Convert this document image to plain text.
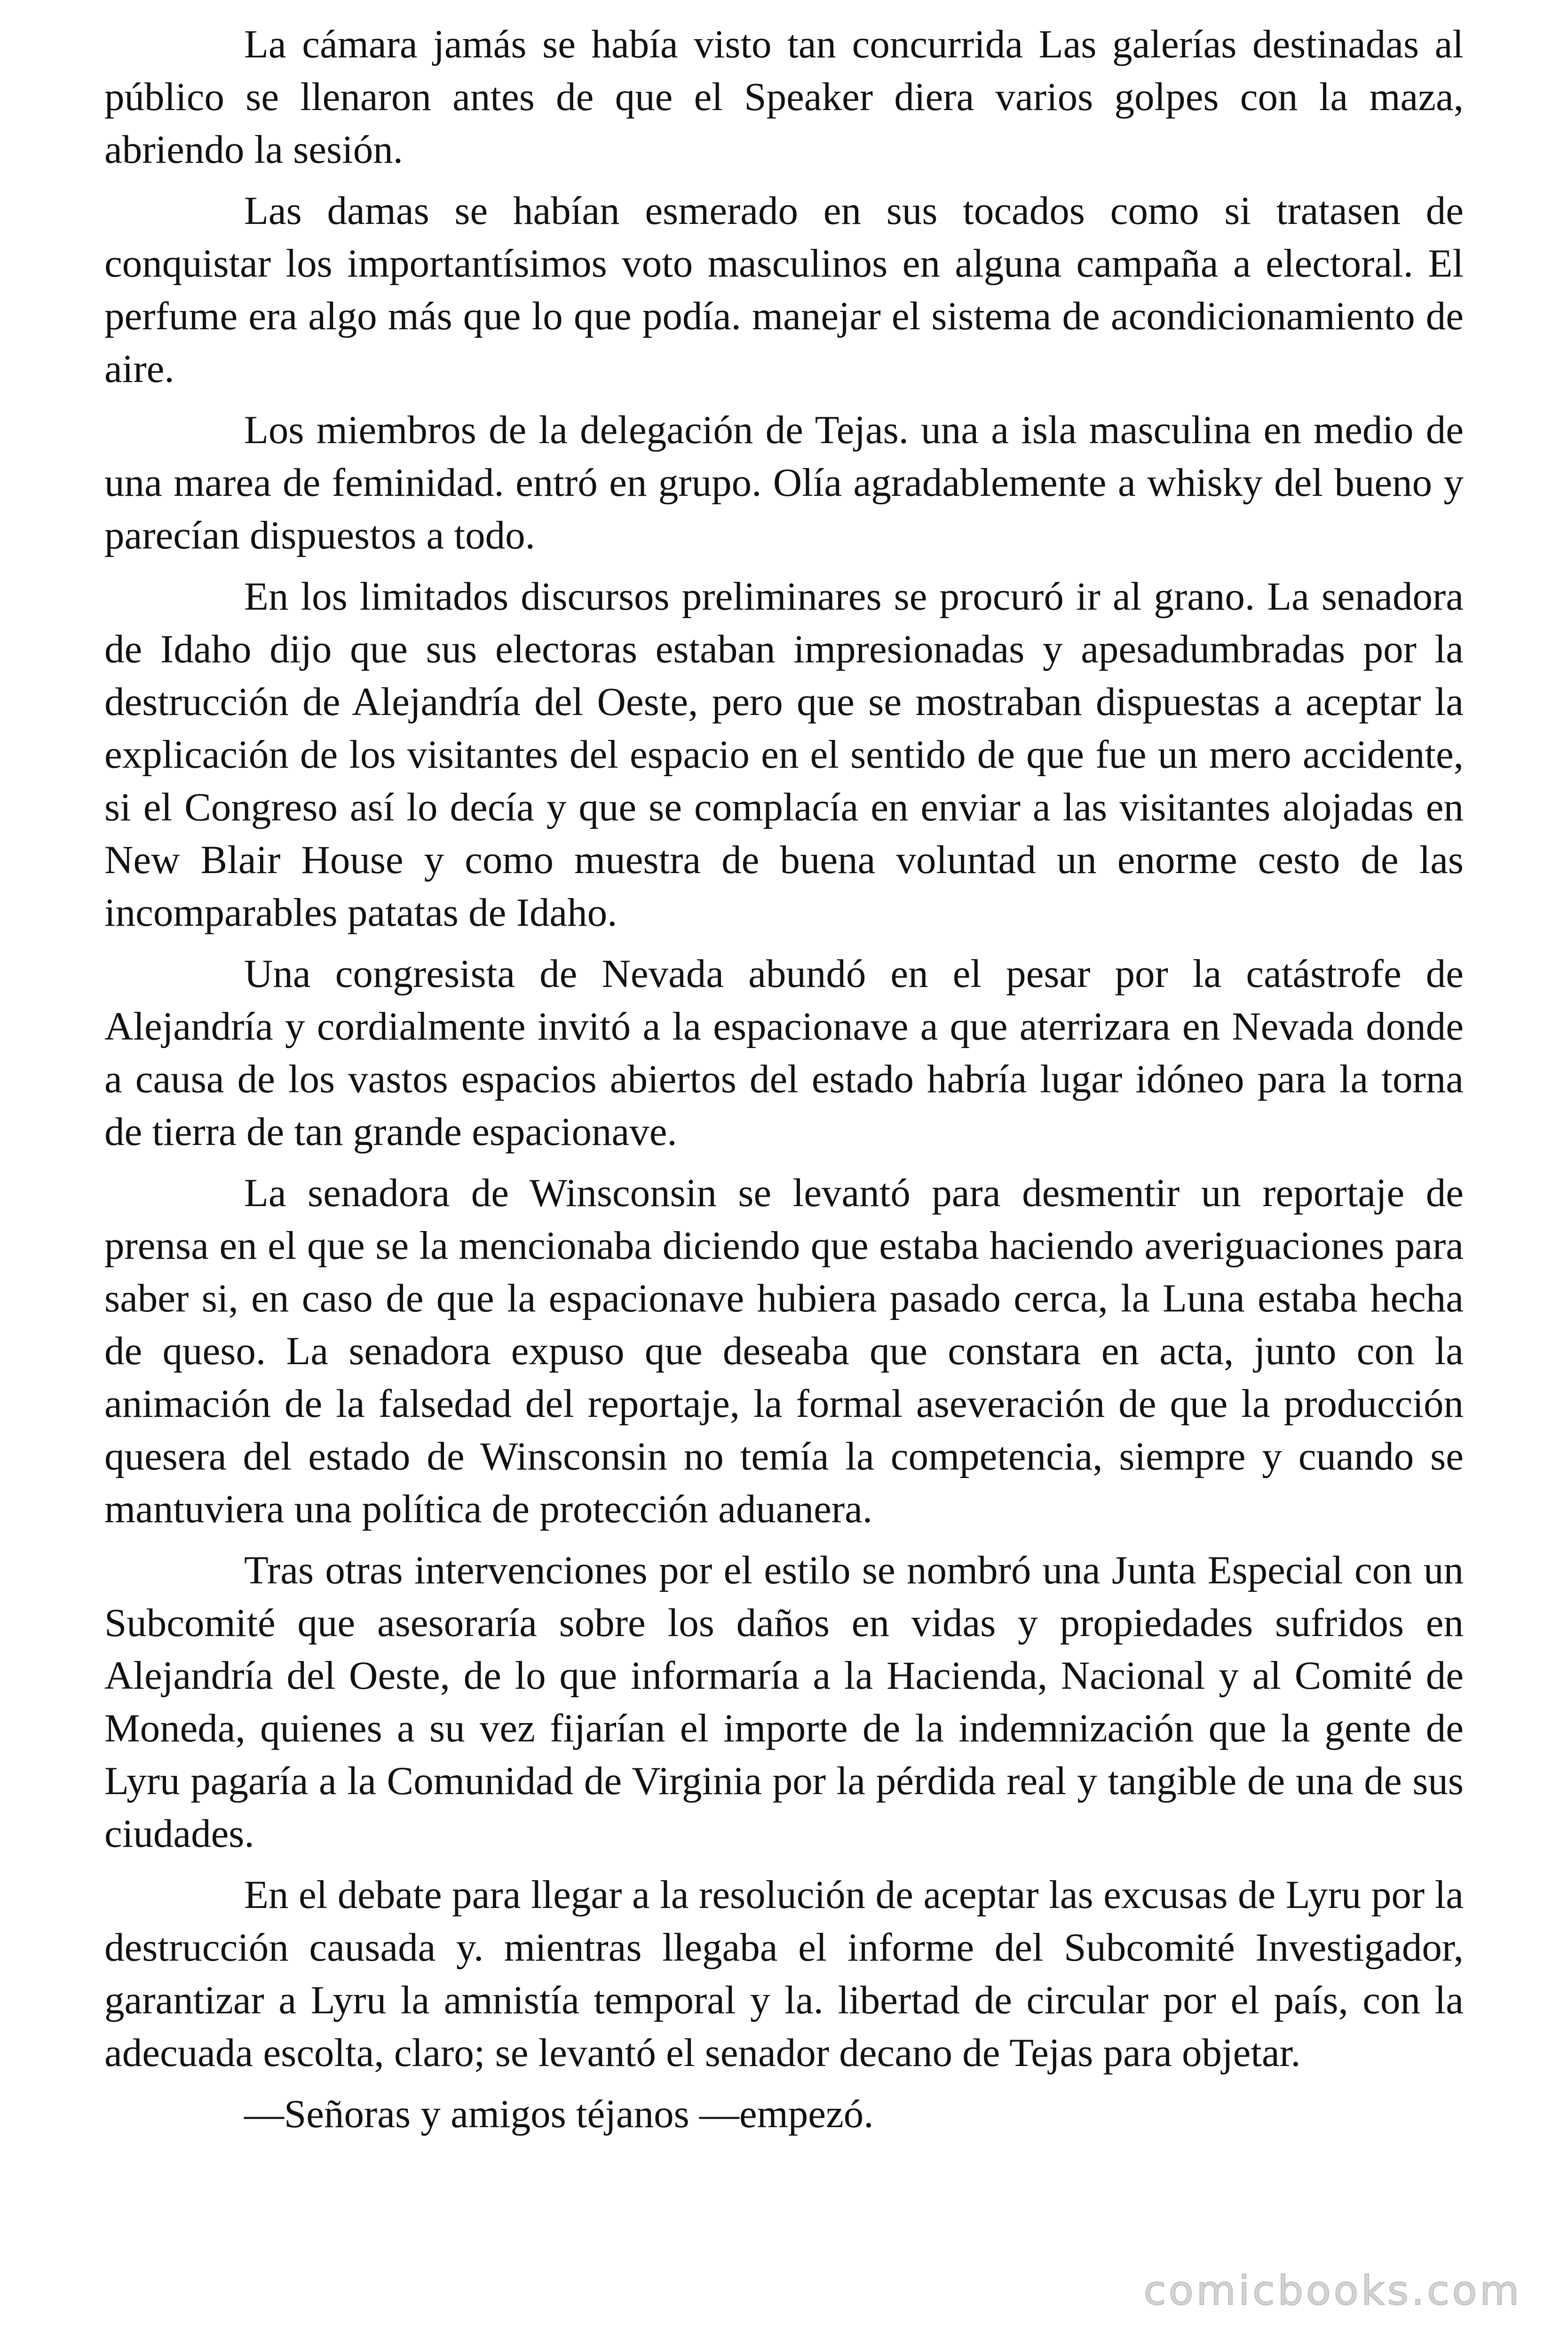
La cámara jamás se había visto tan concurrida Las galerías destinadas al público se llenaron antes de que el Speaker diera varios golpes con la maza, abriendo la sesión.

Las damas se habían esmerado en sus tocados como si tratasen de conquistar los importantísimos voto masculinos en alguna campaña a electoral. El perfume era algo más que lo que podía. manejar el sistema de acondicionamiento de aire.

Los miembros de la delegación de Tejas. una a isla masculina en medio de una marea de feminidad. entró en grupo. Olía agradablemente a whisky del bueno y parecían dispuestos a todo.

En los limitados discursos preliminares se procuró ir al grano. La senadora de Idaho dijo que sus electoras estaban impresionadas y apesadumbradas por la destrucción de Alejandría del Oeste, pero que se mostraban dispuestas a aceptar la explicación de los visitantes del espacio en el sentido de que fue un mero accidente, si el Congreso así lo decía y que se complacía en enviar a las visitantes alojadas en New Blair House y como muestra de buena voluntad un enorme cesto de las incomparables patatas de Idaho.

Una congresista de Nevada abundó en el pesar por la catástrofe de Alejandría y cordialmente invitó a la espacionave a que aterrizara en Nevada donde a causa de los vastos espacios abiertos del estado habría lugar idóneo para la torna de tierra de tan grande espacionave.

La senadora de Winsconsin se levantó para desmentir un reportaje de prensa en el que se la mencionaba diciendo que estaba haciendo averiguaciones para saber si, en caso de que la espacionave hubiera pasado cerca, la Luna estaba hecha de queso. La senadora expuso que deseaba que constara en acta, junto con la animación de la falsedad del reportaje, la formal aseveración de que la producción quesera del estado de Winsconsin no temía la competencia, siempre y cuando se mantuviera una política de protección aduanera.

Tras otras intervenciones por el estilo se nombró una Junta Especial con un Subcomité que asesoraría sobre los daños en vidas y propiedades sufridos en Alejandría del Oeste, de lo que informaría a la Hacienda, Nacional y al Comité de Moneda, quienes a su vez fijarían el importe de la indemnización que la gente de Lyru pagaría a la Comunidad de Virginia por la pérdida real y tangible de una de sus ciudades.

En el debate para llegar a la resolución de aceptar las excusas de Lyru por la destrucción causada y. mientras llegaba el informe del Subcomité Investigador, garantizar a Lyru la amnistía temporal y la. libertad de circular por el país, con la adecuada escolta, claro; se levantó el senador decano de Tejas para objetar.

—Señoras y amigos téjanos —empezó.

comicbooks.com
